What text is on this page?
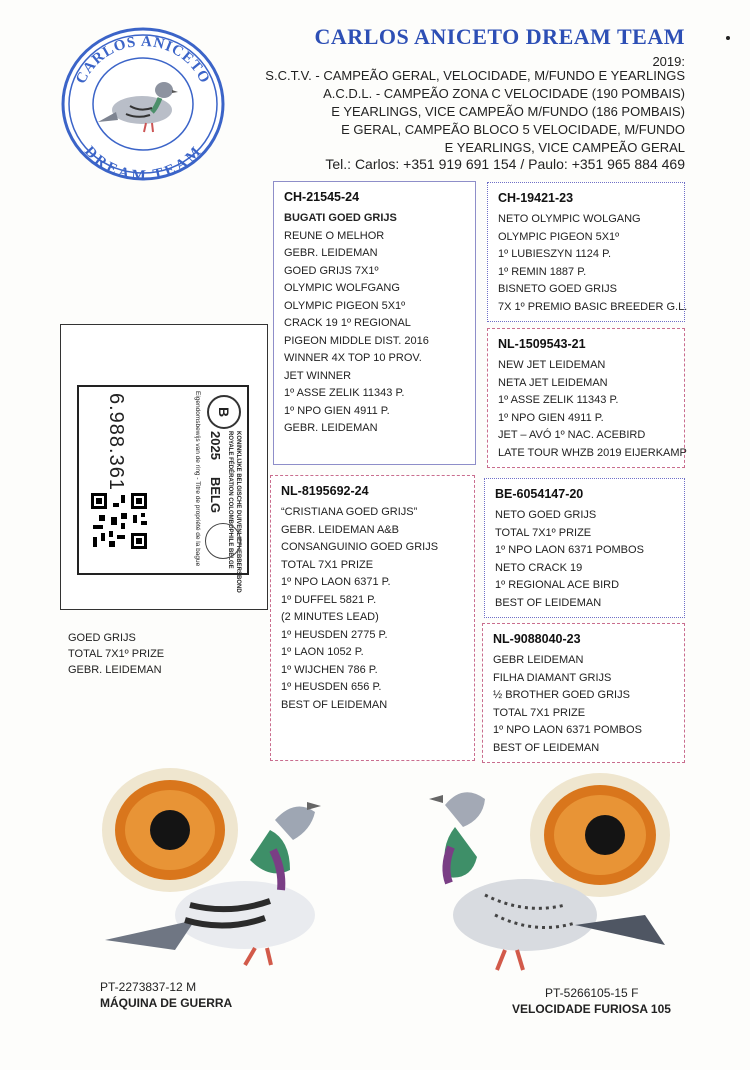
CARLOS ANICETO
DREAM TEAM
CARLOS ANICETO DREAM TEAM
2019:
S.C.T.V. - CAMPEÃO GERAL, VELOCIDADE, M/FUNDO E YEARLINGS
A.C.D.L. - CAMPEÃO ZONA C VELOCIDADE (190 POMBAIS)
E YEARLINGS, VICE CAMPEÃO M/FUNDO (186 POMBAIS)
E GERAL, CAMPEÃO BLOCO 5 VELOCIDADE, M/FUNDO
E YEARLINGS, VICE CAMPEÃO GERAL
Tel.: Carlos: +351 919 691 154 / Paulo: +351 965 884 469
CH-21545-24
BUGATI GOED GRIJS
REUNE O MELHOR
GEBR. LEIDEMAN
GOED GRIJS 7X1º
OLYMPIC WOLFGANG
OLYMPIC PIGEON 5X1º
CRACK 19 1º REGIONAL
PIGEON MIDDLE DIST. 2016
WINNER 4X TOP 10 PROV.
JET WINNER
1º ASSE ZELIK 11343 P.
1º NPO GIEN 4911 P.
GEBR. LEIDEMAN
CH-19421-23
NETO OLYMPIC WOLGANG
OLYMPIC PIGEON 5X1º
1º LUBIESZYN 1124 P.
1º REMIN 1887 P.
BISNETO GOED GRIJS
7X 1º PREMIO BASIC BREEDER G.L.
NL-1509543-21
NEW JET LEIDEMAN
NETA JET LEIDEMAN
1º ASSE ZELIK 11343 P.
1º NPO GIEN 4911 P.
JET – AVÓ 1º NAC. ACEBIRD
LATE TOUR WHZB 2019 EIJERKAMP
NL-8195692-24
“CRISTIANA GOED GRIJS”
GEBR. LEIDEMAN A&B
CONSANGUINIO GOED GRIJS
TOTAL 7X1 PRIZE
1º NPO LAON 6371 P.
1º DUFFEL 5821 P.
(2 MINUTES LEAD)
1º HEUSDEN 2775 P.
1º LAON 1052 P.
1º WIJCHEN 786 P.
1º HEUSDEN 656 P.
BEST OF LEIDEMAN
BE-6054147-20
NETO GOED GRIJS
TOTAL 7X1º PRIZE
1º NPO LAON 6371 POMBOS
NETO CRACK 19
1º REGIONAL ACE BIRD
BEST OF LEIDEMAN
NL-9088040-23
GEBR LEIDEMAN
FILHA DIAMANT GRIJS
½ BROTHER GOED GRIJS
TOTAL 7X1 PRIZE
1º NPO LAON 6371 POMBOS
BEST OF LEIDEMAN
B
KONINKLIJKE BELGISCHE DUIVENLIEFHEBBERSBOND
ROYALE FÉDÉRATION COLOMBOPHILE BELGE
2025
BELG
Eigendomsbewijs van de ring - Titre de propriété de la bague
6.988.361
GOED GRIJS
TOTAL 7X1º PRIZE
GEBR. LEIDEMAN
PT-2273837-12 M
MÁQUINA DE GUERRA
PT-5266105-15 F
VELOCIDADE FURIOSA 105
